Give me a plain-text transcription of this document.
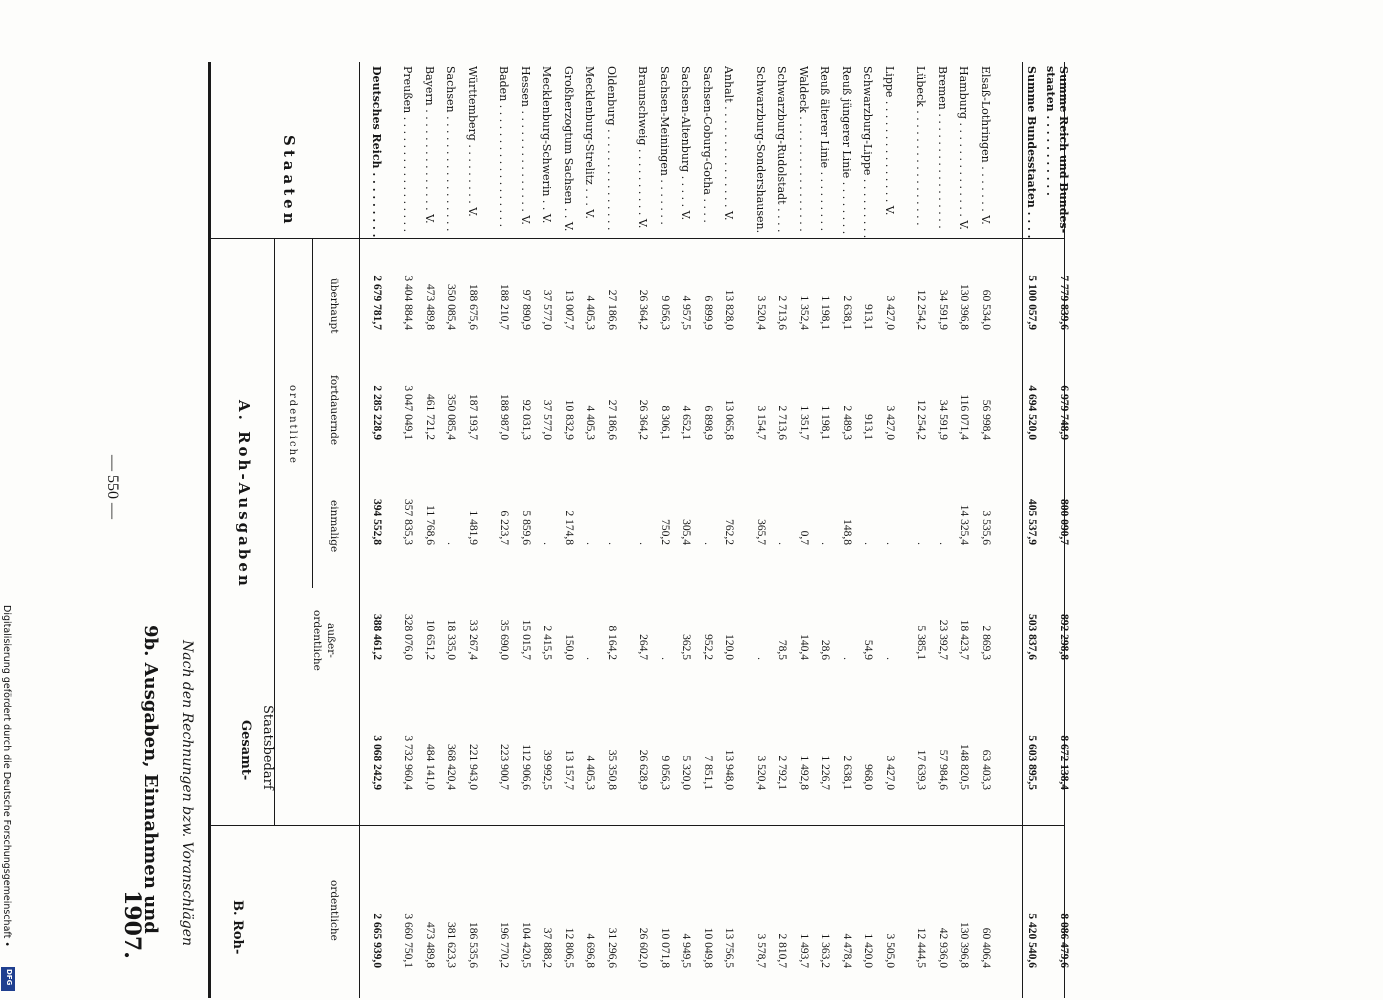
— 550 —
1907.
9b. Ausgaben, Einnahmen und Nach den Rechnungen bzw. Voranschlägen
Staaten
A. Roh-Ausgaben	ordentliche
überhaupt
fortdauernde
einmalige
außer-
ordentliche
Gesamt- Staatsbedarf
B. Roh-	ordentliche
Deutsches Reich . . . . . . . . .
2 679 781,7
2 285 228,9
394 552,8
388 461,2
3 068 242,9
2 665 939,0
Preußen . . . . . . . . . . . . . . . . .
3 404 884,4
3 047 049,1
357 835,3
328 076,0
3 732 960,4
3 660 750,1
Bayern . . . . . . . . . . . . . . . V.
473 489,8
461 721,2
11 768,6
10 651,2
484 141,0
473 489,8
Sachsen . . . . . . . . . . . . . . . . .
350 085,4
350 085,4
.
18 335,0
368 420,4
381 623,3
Württemberg . . . . . . . . . V.
188 675,6
187 193,7
1 481,9
33 267,4
221 943,0
186 535,6
Baden . . . . . . . . . . . . . . . . . .
188 210,7
188 987,0
6 223,7
35 690,0
223 900,7
196 770,2
Hessen . . . . . . . . . . . . . . . V.
97 890,9
92 031,3
5 859,6
15 015,7
112 906,6
104 420,5
Mecklenburg-Schwerin . . V.
37 577,0
37 577,0
.
2 415,5
39 992,5
37 888,2
Großherzogtum Sachsen . . V.
13 007,7
10 832,9
2 174,8
150,0
13 157,7
12 806,5
Mecklenburg-Strelitz . . . V.
4 405,3
4 405,3
.
.
4 405,3
4 696,8
Oldenburg . . . . . . . . . . . . . . .
27 186,6
27 186,6
.
8 164,2
35 350,8
31 296,6
Braunschweig . . . . . . . . . . V.
26 364,2
26 364,2
.
264,7
26 628,9
26 602,0
Sachsen-Meiningen . . . . . . .
9 056,3
8 306,1
750,2
.
9 056,3
10 071,8
Sachsen-Altenburg . . . . . V.
4 957,5
4 652,1
305,4
362,5
5 320,0
4 949,5
Sachsen-Coburg-Gotha . . . .
6 899,9
6 898,9
.
952,2
7 851,1
10 049,8
Anhalt . . . . . . . . . . . . . . . V.
13 828,0
13 065,8
762,2
120,0
13 948,0
13 756,5
Schwarzburg-Sondershausen.
3 520,4
3 154,7
365,7
.
3 520,4
3 578,7
Schwarzburg-Rudolstadt . . . .
2 713,6
2 713,6
.
78,5
2 792,1
2 810,7
Waldeck . . . . . . . . . . . . . . . . .
1 352,4
1 351,7
0,7
140,4
1 492,8
1 493,7
Reuß älterer Linie . . . . . . . . .
1 198,1
1 198,1
.
28,6
1 226,7
1 363,2
Reuß jüngerer Linie . . . . . . . .
2 638,1
2 489,3
148,8
.
2 638,1
4 478,4
Schwarzburg-Lippe . . . . . . . . .
913,1
913,1
.
54,9
968,0
1 420,0
Lippe . . . . . . . . . . . . . . . V.
3 427,0
3 427,0
.
.
3 427,0
3 505,0
Lübeck . . . . . . . . . . . . . . . . .
12 254,2
12 254,2
.
5 385,1
17 639,3
12 444,5
Bremen . . . . . . . . . . . . . . . . .
34 591,9
34 591,9
.
23 392,7
57 984,6
42 936,0
Hamburg . . . . . . . . . . . . . . V.
130 396,8
116 071,4
14 325,4
18 423,7
148 820,5
130 396,8
Elsaß-Lothringen . . . . . . . V.
60 534,0
56 998,4
3 535,6
2 869,3
63 403,3
60 406,4
Summe Bundesstaaten . . . .
5 100 057,9
4 694 520,0
405 537,9
503 837,6
5 603 895,5
5 420 540,6
Summe Reich und Bundes-
staaten . . . . . . . . . . .
7 779 839,6
6 979 748,9
800 090,7
892 298,8
8 672 138,4
8 086 479,6
Digitalisierung gefördert durch die Deutsche Forschungsgemeinschaft •
DFG
